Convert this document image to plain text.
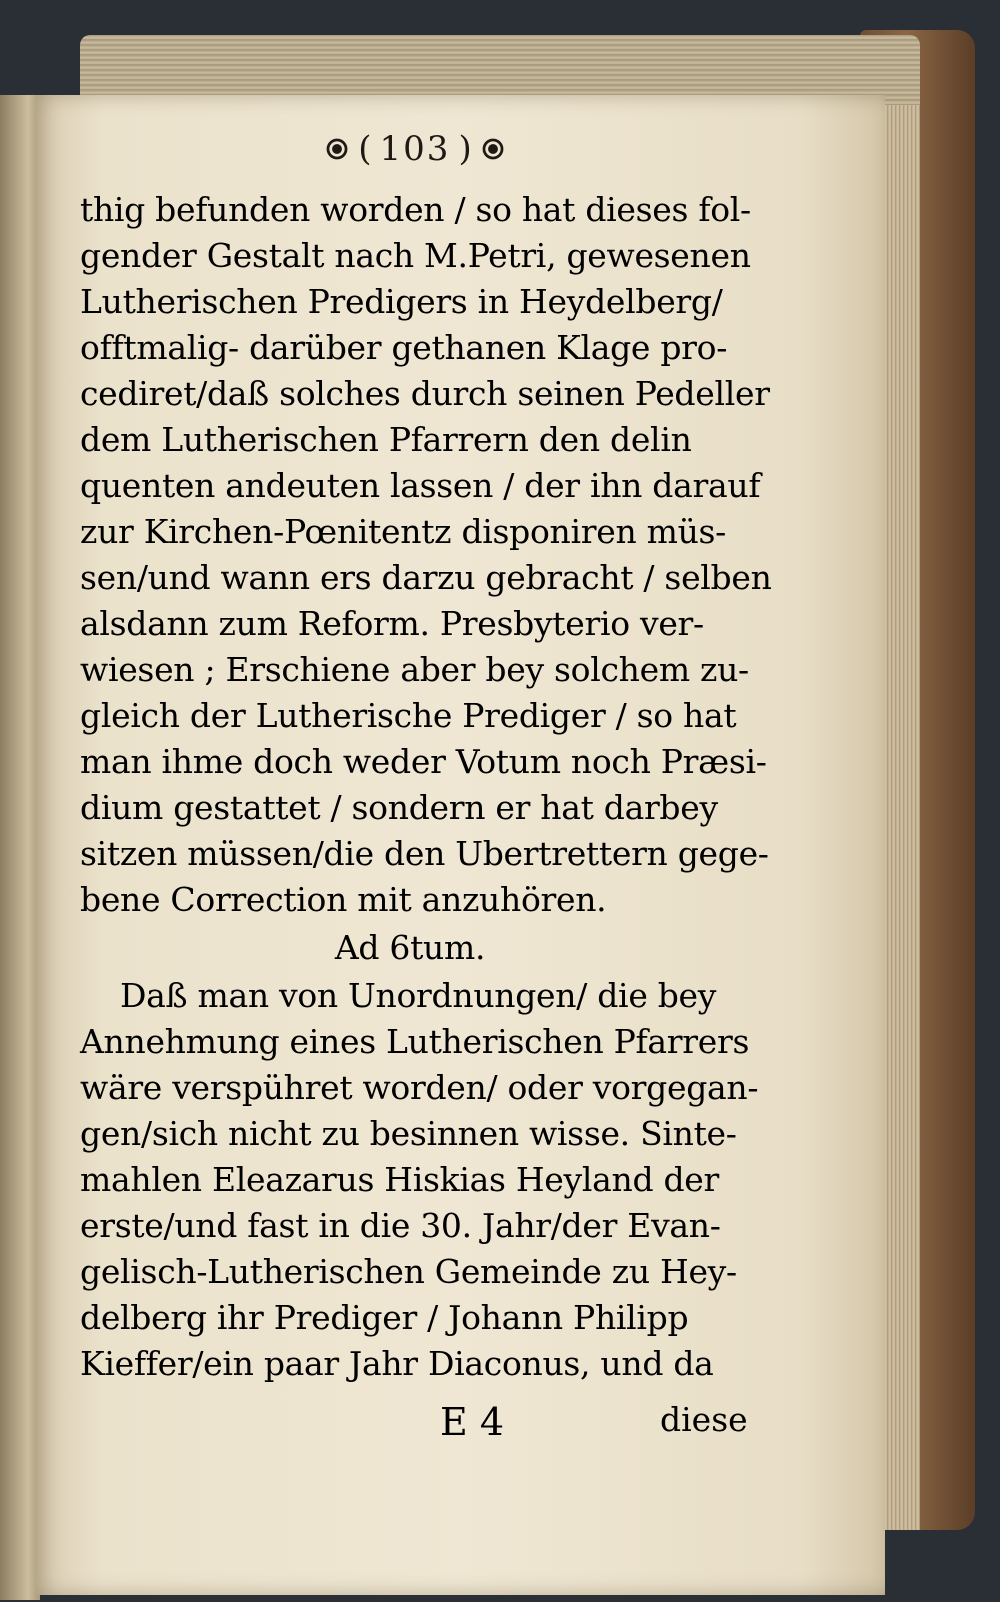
( 103 )
thig befunden worden / so hat dieses fol-
gender Gestalt nach M.Petri, gewesenen
Lutherischen Predigers in Heydelberg/
offtmalig- darüber gethanen Klage pro-
cediret/daß solches durch seinen Pedeller
dem Lutherischen Pfarrern den delin
quenten andeuten lassen / der ihn darauf
zur Kirchen-Pœnitentz disponiren müs-
sen/und wann ers darzu gebracht / selben
alsdann zum Reform. Presbyterio ver-
wiesen ; Erschiene aber bey solchem zu-
gleich der Lutherische Prediger / so hat
man ihme doch weder Votum noch Præsi-
dium gestattet / sondern er hat darbey
sitzen müssen/die den Ubertrettern gege-
bene Correction mit anzuhören.
Ad 6tum.
Daß man von Unordnungen/ die bey
Annehmung eines Lutherischen Pfarrers
wäre verspühret worden/ oder vorgegan-
gen/sich nicht zu besinnen wisse. Sinte-
mahlen Eleazarus Hiskias Heyland der
erste/und fast in die 30. Jahr/der Evan-
gelisch-Lutherischen Gemeinde zu Hey-
delberg ihr Prediger / Johann Philipp
Kieffer/ein paar Jahr Diaconus, und da
E 4	diese
